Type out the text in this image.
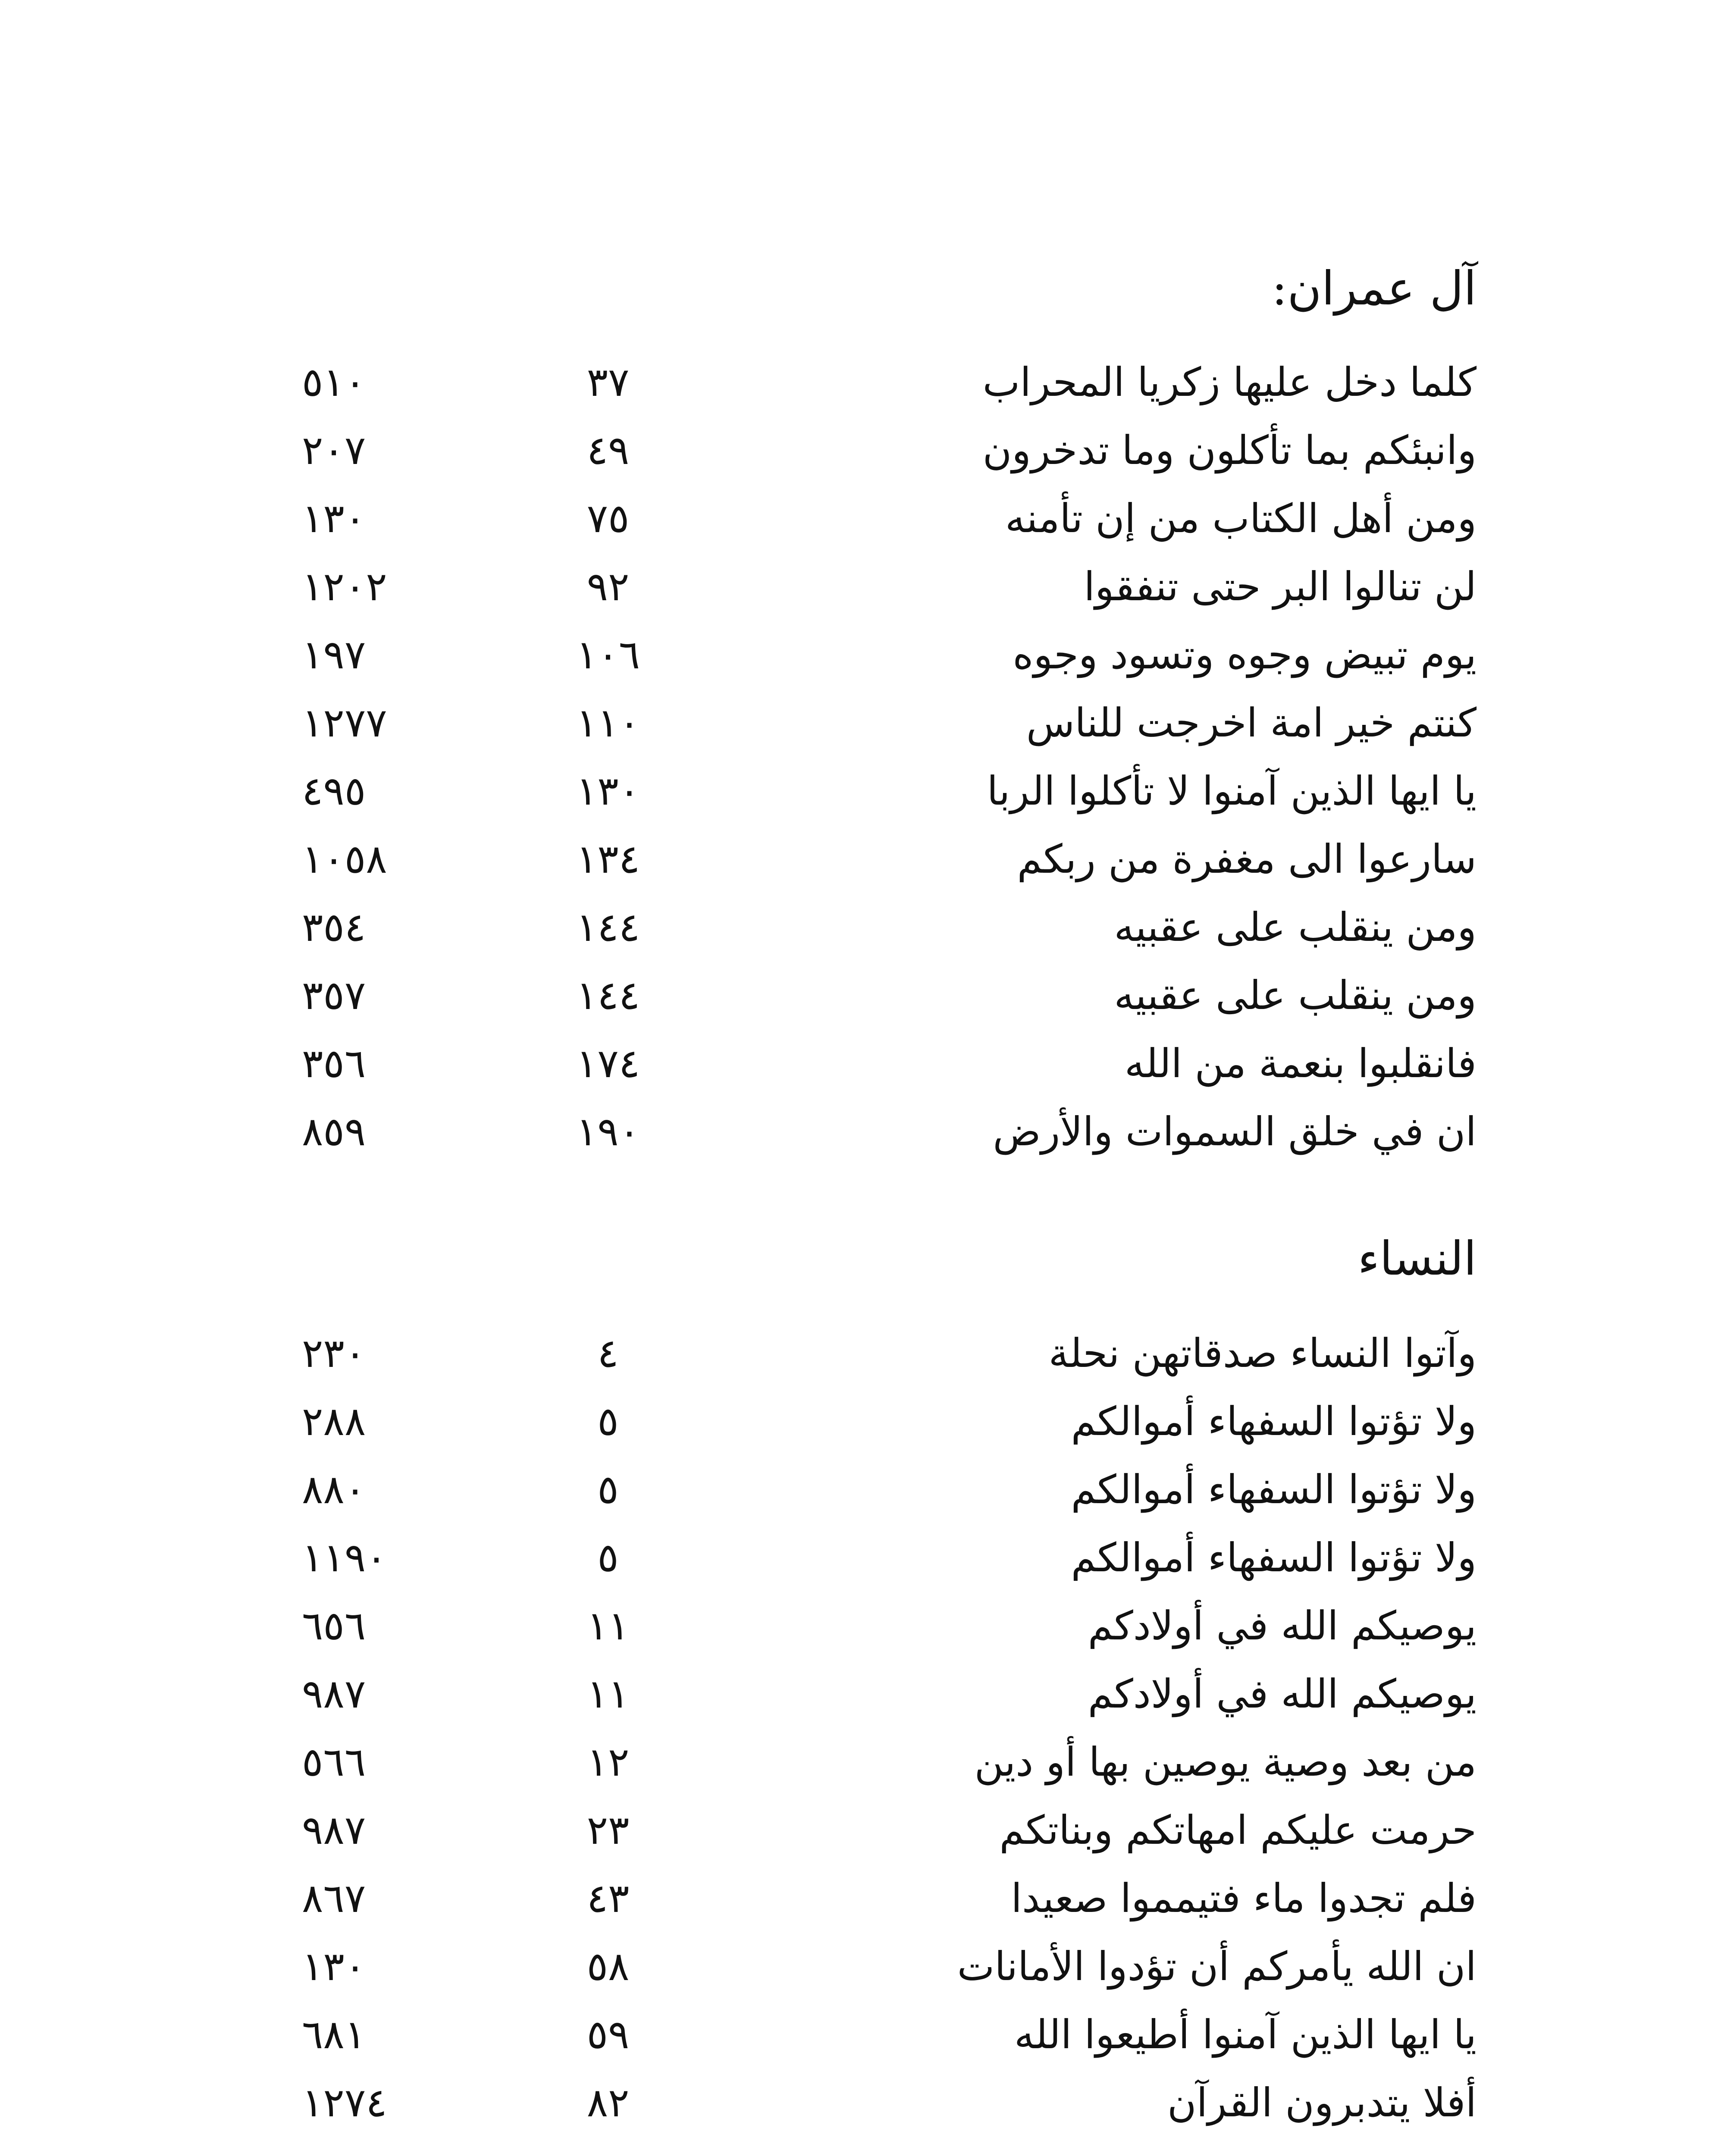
آل عمران:
كلما دخل عليها زكريا المحراب
٣٧
٥١٠
وانبئكم بما تأكلون وما تدخرون
٤٩
٢٠٧
ومن أهل الكتاب من إن تأمنه
٧٥
١٣٠
لن تنالوا البر حتى تنفقوا
٩٢
١٢٠٢
يوم تبيض وجوه وتسود وجوه
١٠٦
١٩٧
كنتم خير امة اخرجت للناس
١١٠
١٢٧٧
يا ايها الذين آمنوا لا تأكلوا الربا
١٣٠
٤٩٥
سارعوا الى مغفرة من ربكم
١٣٤
١٠٥٨
ومن ينقلب على عقبيه
١٤٤
٣٥٤
ومن ينقلب على عقبيه
١٤٤
٣٥٧
فانقلبوا بنعمة من الله
١٧٤
٣٥٦
ان في خلق السموات والأرض
١٩٠
٨٥٩
النساء
وآتوا النساء صدقاتهن نحلة
٤
٢٣٠
ولا تؤتوا السفهاء أموالكم
٥
٢٨٨
ولا تؤتوا السفهاء أموالكم
٥
٨٨٠
ولا تؤتوا السفهاء أموالكم
٥
١١٩٠
يوصيكم الله في أولادكم
١١
٦٥٦
يوصيكم الله في أولادكم
١١
٩٨٧
من بعد وصية يوصين بها أو دين
١٢
٥٦٦
حرمت عليكم امهاتكم وبناتكم
٢٣
٩٨٧
فلم تجدوا ماء فتيمموا صعيدا
٤٣
٨٦٧
ان الله يأمركم أن تؤدوا الأمانات
٥٨
١٣٠
يا ايها الذين آمنوا أطيعوا الله
٥٩
٦٨١
أفلا يتدبرون القرآن
٨٢
١٢٧٤
